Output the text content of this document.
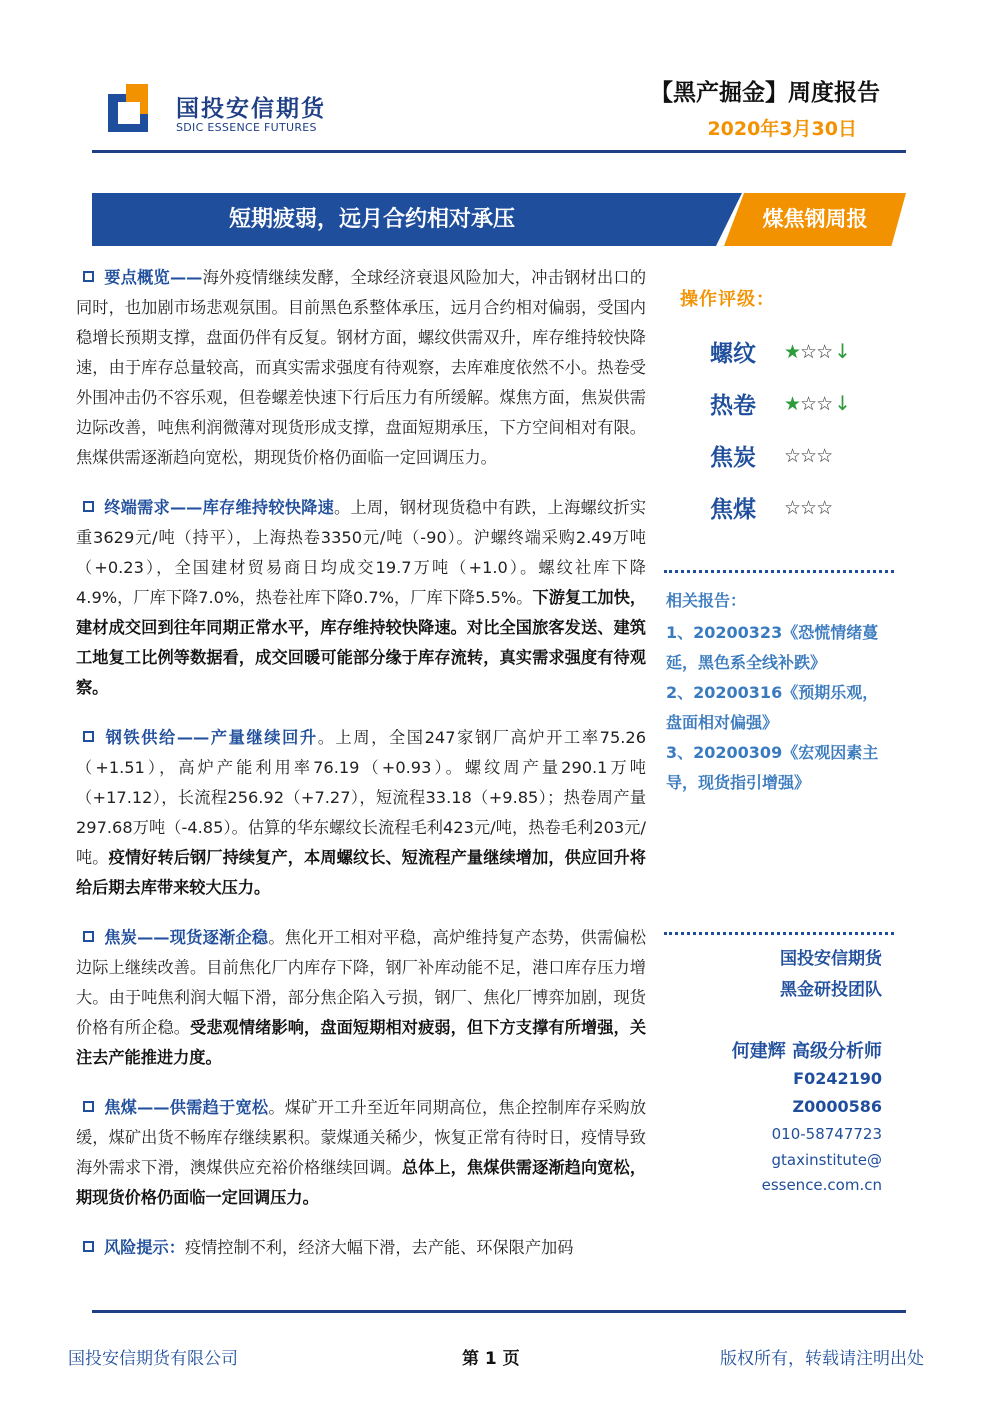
国投安信期货
SDIC ESSENCE FUTURES
【黑产掘金】周度报告
2020年3月30日
短期疲弱，远月合约相对承压	煤焦钢周报

要点概览——海外疫情继续发酵，全球经济衰退风险加大，冲击钢材出口的同时，也加剧市场悲观氛围。目前黑色系整体承压，远月合约相对偏弱，受国内稳增长预期支撑，盘面仍伴有反复。钢材方面，螺纹供需双升，库存维持较快降速，由于库存总量较高，而真实需求强度有待观察，去库难度依然不小。热卷受外围冲击仍不容乐观，但卷螺差快速下行后压力有所缓解。煤焦方面，焦炭供需边际改善，吨焦利润微薄对现货形成支撑，盘面短期承压，下方空间相对有限。焦煤供需逐渐趋向宽松，期现货价格仍面临一定回调压力。

终端需求——库存维持较快降速。上周，钢材现货稳中有跌，上海螺纹折实重3629元/吨（持平），上海热卷3350元/吨（-90）。沪螺终端采购2.49万吨（+0.23），全国建材贸易商日均成交19.7万吨（+1.0）。螺纹社库下降4.9%，厂库下降7.0%，热卷社库下降0.7%，厂库下降5.5%。下游复工加快，建材成交回到往年同期正常水平，库存维持较快降速。对比全国旅客发送、建筑工地复工比例等数据看，成交回暖可能部分缘于库存流转，真实需求强度有待观察。

钢铁供给——产量继续回升。上周，全国247家钢厂高炉开工率75.26（+1.51），高炉产能利用率76.19（+0.93）。螺纹周产量290.1万吨（+17.12），长流程256.92（+7.27），短流程33.18（+9.85）；热卷周产量297.68万吨（-4.85）。估算的华东螺纹长流程毛利423元/吨，热卷毛利203元/吨。疫情好转后钢厂持续复产，本周螺纹长、短流程产量继续增加，供应回升将给后期去库带来较大压力。

焦炭——现货逐渐企稳。焦化开工相对平稳，高炉维持复产态势，供需偏松边际上继续改善。目前焦化厂内库存下降，钢厂补库动能不足，港口库存压力增大。由于吨焦利润大幅下滑，部分焦企陷入亏损，钢厂、焦化厂博弈加剧，现货价格有所企稳。受悲观情绪影响，盘面短期相对疲弱，但下方支撑有所增强，关注去产能推进力度。

焦煤——供需趋于宽松。煤矿开工升至近年同期高位，焦企控制库存采购放缓，煤矿出货不畅库存继续累积。蒙煤通关稀少，恢复正常有待时日，疫情导致海外需求下滑，澳煤供应充裕价格继续回调。总体上，焦煤供需逐渐趋向宽松，期现货价格仍面临一定回调压力。

风险提示：疫情控制不利，经济大幅下滑，去产能、环保限产加码

操作评级：
螺纹 ★☆☆ ↓
热卷 ★☆☆ ↓
焦炭 ☆☆☆
焦煤 ☆☆☆
相关报告：
1、20200323《恐慌情绪蔓延，黑色系全线补跌》
2、20200316《预期乐观，盘面相对偏强》
3、20200309《宏观因素主导，现货指引增强》
国投安信期货
黑金研投团队
何建辉 高级分析师
F0242190
Z0000586
010-58747723
gtaxinstitute@
essence.com.cn
国投安信期货有限公司	第 1 页	版权所有，转载请注明出处
